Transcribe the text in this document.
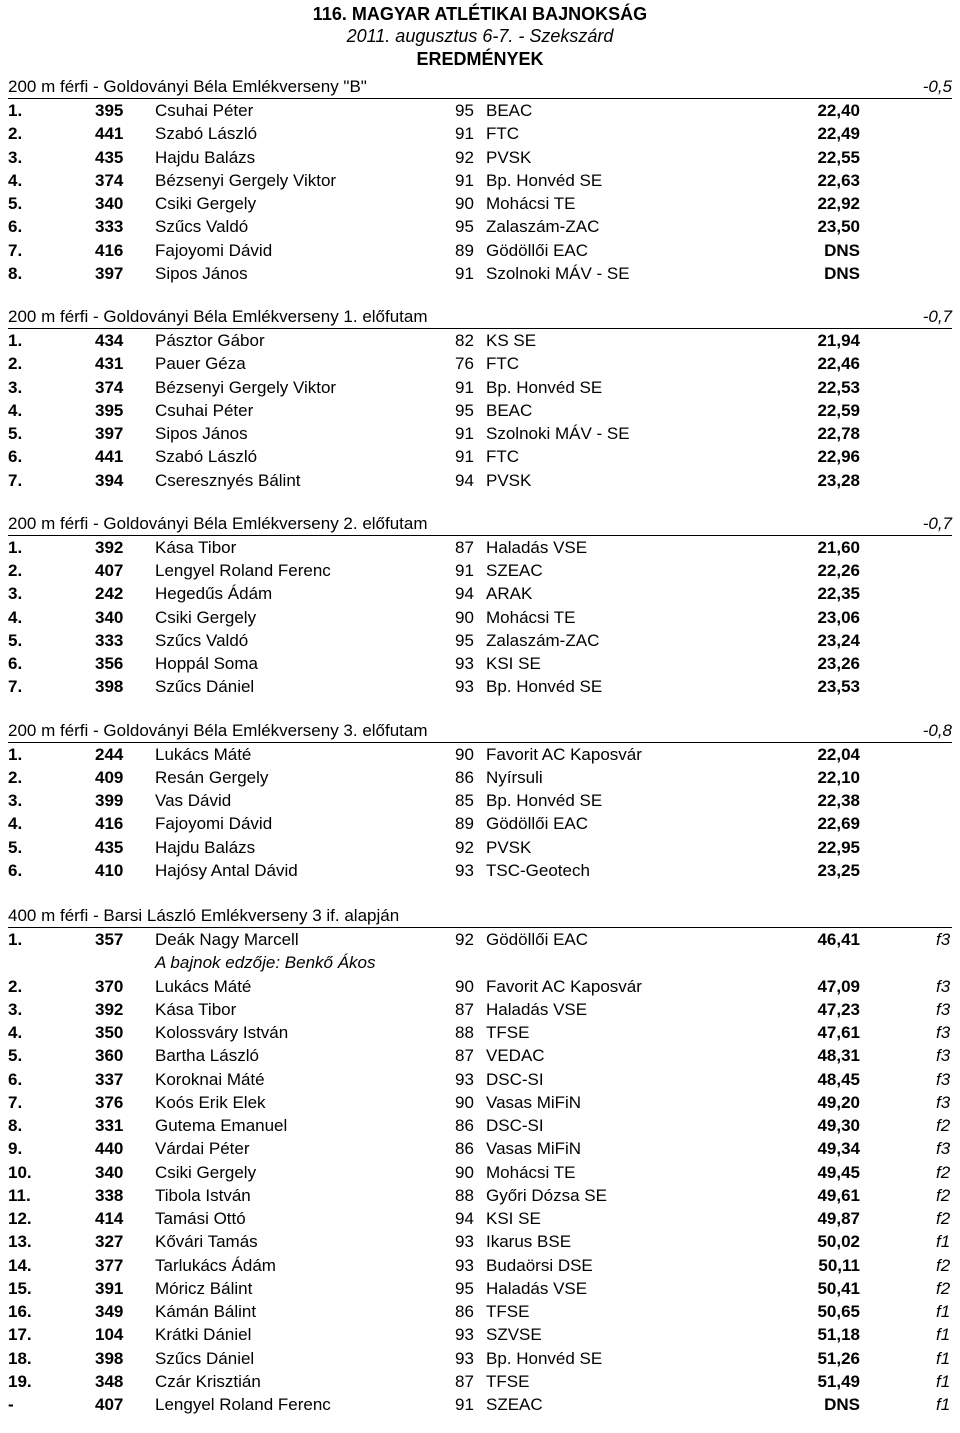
116. MAGYAR ATLÉTIKAI BAJNOKSÁG
2011. augusztus 6-7. - Szekszárd
EREDMÉNYEK
200 m férfi - Goldoványi Béla Emlékverseny "B"	-0,5
1.	395 Csuhai Péter	95 BEAC	22,40
2.	441 Szabó László	91 FTC	22,49
3.	435 Hajdu Balázs	92 PVSK	22,55
4.	374 Bézsenyi Gergely Viktor	91 Bp. Honvéd SE	22,63
5.	340 Csiki Gergely	90 Mohácsi TE	22,92
6.	333 Szűcs Valdó	95 Zalaszám-ZAC	23,50
7.	416 Fajoyomi Dávid	89 Gödöllői EAC	DNS
8.	397 Sipos János	91 Szolnoki MÁV - SE	DNS
200 m férfi - Goldoványi Béla Emlékverseny 1. előfutam	-0,7
1.	434 Pásztor Gábor	82 KS SE	21,94
2.	431 Pauer Géza	76 FTC	22,46
3.	374 Bézsenyi Gergely Viktor	91 Bp. Honvéd SE	22,53
4.	395 Csuhai Péter	95 BEAC	22,59
5.	397 Sipos János	91 Szolnoki MÁV - SE	22,78
6.	441 Szabó László	91 FTC	22,96
7.	394 Cseresznyés Bálint	94 PVSK	23,28
200 m férfi - Goldoványi Béla Emlékverseny 2. előfutam	-0,7
1.	392 Kása Tibor	87 Haladás VSE	21,60
2.	407 Lengyel Roland Ferenc	91 SZEAC	22,26
3.	242 Hegedűs Ádám	94 ARAK	22,35
4.	340 Csiki Gergely	90 Mohácsi TE	23,06
5.	333 Szűcs Valdó	95 Zalaszám-ZAC	23,24
6.	356 Hoppál Soma	93 KSI SE	23,26
7.	398 Szűcs Dániel	93 Bp. Honvéd SE	23,53
200 m férfi - Goldoványi Béla Emlékverseny 3. előfutam	-0,8
1.	244 Lukács Máté	90 Favorit AC Kaposvár	22,04
2.	409 Resán Gergely	86 Nyírsuli	22,10
3.	399 Vas Dávid	85 Bp. Honvéd SE	22,38
4.	416 Fajoyomi Dávid	89 Gödöllői EAC	22,69
5.	435 Hajdu Balázs	92 PVSK	22,95
6.	410 Hajósy Antal Dávid	93 TSC-Geotech	23,25
400 m férfi - Barsi László Emlékverseny 3 if. alapján
1.	357 Deák Nagy Marcell	92 Gödöllői EAC	46,41	f3
A bajnok edzője: Benkő Ákos
2.	370 Lukács Máté	90 Favorit AC Kaposvár	47,09	f3
3.	392 Kása Tibor	87 Haladás VSE	47,23	f3
4.	350 Kolossváry István	88 TFSE	47,61	f3
5.	360 Bartha László	87 VEDAC	48,31	f3
6.	337 Koroknai Máté	93 DSC-SI	48,45	f3
7.	376 Koós Erik Elek	90 Vasas MiFiN	49,20	f3
8.	331 Gutema Emanuel	86 DSC-SI	49,30	f2
9.	440 Várdai Péter	86 Vasas MiFiN	49,34	f3
10.	340 Csiki Gergely	90 Mohácsi TE	49,45	f2
11.	338 Tibola István	88 Győri Dózsa SE	49,61	f2
12.	414 Tamási Ottó	94 KSI SE	49,87	f2
13.	327 Kővári Tamás	93 Ikarus BSE	50,02	f1
14.	377 Tarlukács Ádám	93 Budaörsi DSE	50,11	f2
15.	391 Móricz Bálint	95 Haladás VSE	50,41	f2
16.	349 Kámán Bálint	86 TFSE	50,65	f1
17.	104 Krátki Dániel	93 SZVSE	51,18	f1
18.	398 Szűcs Dániel	93 Bp. Honvéd SE	51,26	f1
19.	348 Czár Krisztián	87 TFSE	51,49	f1
-	407 Lengyel Roland Ferenc	91 SZEAC	DNS	f1
